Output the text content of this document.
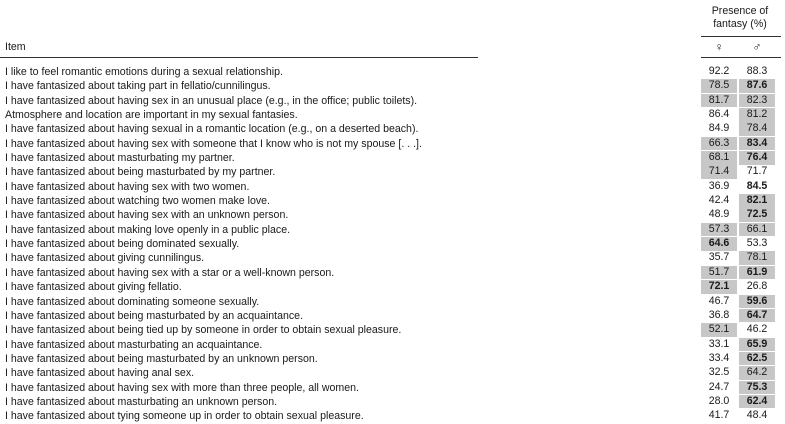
Presence of
fantasy (%)
Item	♀	♂
I like to feel romantic emotions during a sexual relationship.	92.2	88.3
I have fantasized about taking part in fellatio/cunnilingus.	78.5	87.6
I have fantasized about having sex in an unusual place (e.g., in the office; public toilets).	81.7	82.3
Atmosphere and location are important in my sexual fantasies.	86.4	81.2
I have fantasized about having sexual in a romantic location (e.g., on a deserted beach).	84.9	78.4
I have fantasized about having sex with someone that I know who is not my spouse [. . .].	66.3	83.4
I have fantasized about masturbating my partner.	68.1	76.4
I have fantasized about being masturbated by my partner.	71.4	71.7
I have fantasized about having sex with two women.	36.9	84.5
I have fantasized about watching two women make love.	42.4	82.1
I have fantasized about having sex with an unknown person.	48.9	72.5
I have fantasized about making love openly in a public place.	57.3	66.1
I have fantasized about being dominated sexually.	64.6	53.3
I have fantasized about giving cunnilingus.	35.7	78.1
I have fantasized about having sex with a star or a well-known person.	51.7	61.9
I have fantasized about giving fellatio.	72.1	26.8
I have fantasized about dominating someone sexually.	46.7	59.6
I have fantasized about being masturbated by an acquaintance.	36.8	64.7
I have fantasized about being tied up by someone in order to obtain sexual pleasure.	52.1	46.2
I have fantasized about masturbating an acquaintance.	33.1	65.9
I have fantasized about being masturbated by an unknown person.	33.4	62.5
I have fantasized about having anal sex.	32.5	64.2
I have fantasized about having sex with more than three people, all women.	24.7	75.3
I have fantasized about masturbating an unknown person.	28.0	62.4
I have fantasized about tying someone up in order to obtain sexual pleasure.	41.7	48.4
